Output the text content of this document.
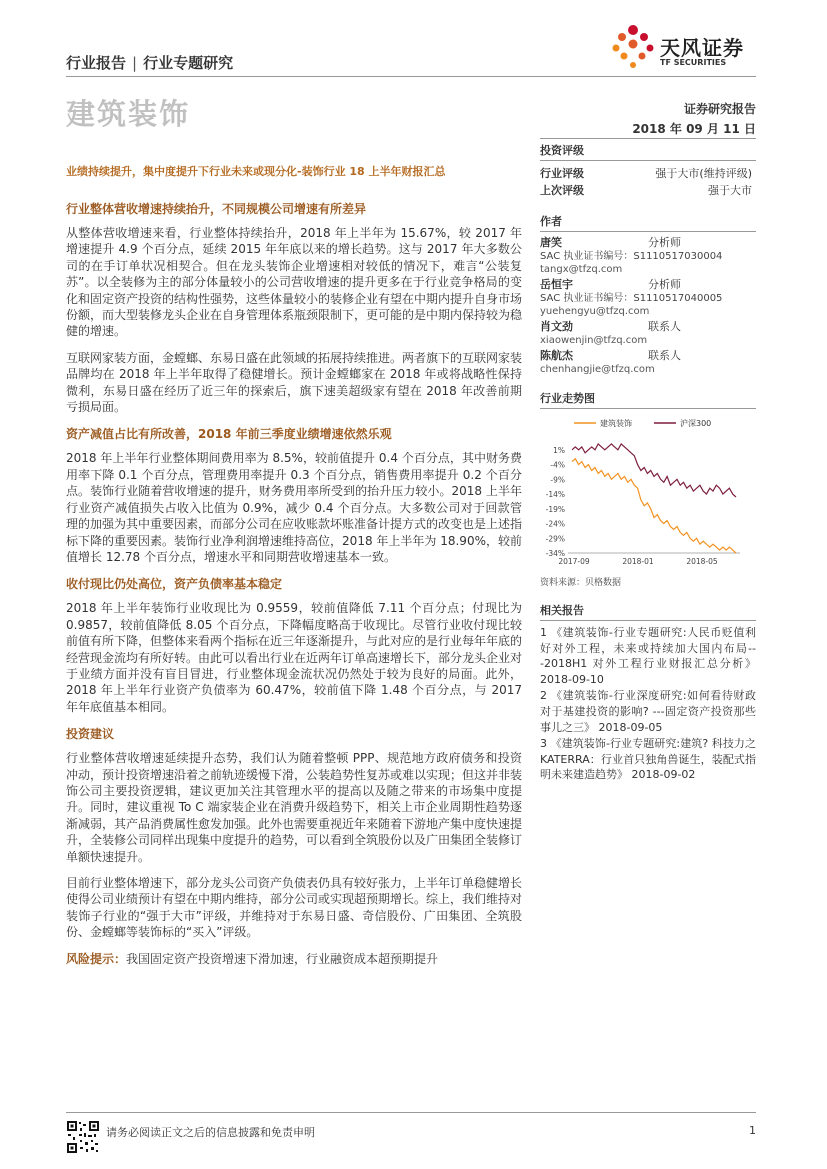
行业报告 | 行业专题研究
天风证券
TF SECURITIES
建筑装饰	证券研究报告
2018 年 09 月 11 日
业绩持续提升，集中度提升下行业未来或现分化-装饰行业 18 上半年财报汇总
行业整体营收增速持续抬升，不同规模公司增速有所差异

从整体营收增速来看，行业整体持续抬升，2018 年上半年为 15.67%，较 2017 年增速提升 4.9 个百分点，延续 2015 年年底以来的增长趋势。这与 2017 年大多数公司的在手订单状况相契合。但在龙头装饰企业增速相对较低的情况下，难言“公装复苏”。以全装修为主的部分体量较小的公司营收增速的提升更多在于行业竞争格局的变化和固定资产投资的结构性强势，这些体量较小的装修企业有望在中期内提升自身市场份额，而大型装修龙头企业在自身管理体系瓶颈限制下，更可能的是中期内保持较为稳健的增速。

互联网家装方面，金螳螂、东易日盛在此领域的拓展持续推进。两者旗下的互联网家装品牌均在 2018 年上半年取得了稳健增长。预计金螳螂家在 2018 年或将战略性保持微利，东易日盛在经历了近三年的探索后，旗下速美超级家有望在 2018 年改善前期亏损局面。

资产减值占比有所改善，2018 年前三季度业绩增速依然乐观

2018 年上半年行业整体期间费用率为 8.5%，较前值提升 0.4 个百分点，其中财务费用率下降 0.1 个百分点，管理费用率提升 0.3 个百分点，销售费用率提升 0.2 个百分点。装饰行业随着营收增速的提升，财务费用率所受到的抬升压力较小。2018 上半年行业资产减值损失占收入比值为 0.9%，减少 0.4 个百分点。大多数公司对于回款管理的加强为其中重要因素，而部分公司在应收账款坏账准备计提方式的改变也是上述指标下降的重要因素。装饰行业净利润增速维持高位，2018 年上半年为 18.90%，较前值增长 12.78 个百分点，增速水平和同期营收增速基本一致。

收付现比仍处高位，资产负债率基本稳定

2018 年上半年装饰行业收现比为 0.9559，较前值降低 7.11 个百分点；付现比为 0.9857，较前值降低 8.05 个百分点，下降幅度略高于收现比。尽管行业收付现比较前值有所下降，但整体来看两个指标在近三年逐渐提升，与此对应的是行业每年年底的经营现金流均有所好转。由此可以看出行业在近两年订单高速增长下，部分龙头企业对于业绩方面并没有盲目冒进，行业整体现金流状况仍然处于较为良好的局面。此外，2018 年上半年行业资产负债率为 60.47%，较前值下降 1.48 个百分点，与 2017 年年底值基本相同。

投资建议

行业整体营收增速延续提升态势，我们认为随着整顿 PPP、规范地方政府债务和投资冲动，预计投资增速沿着之前轨迹缓慢下滑，公装趋势性复苏或难以实现；但这并非装饰公司主要投资逻辑，建议更加关注其管理水平的提高以及随之带来的市场集中度提升。同时，建议重视 To C 端家装企业在消费升级趋势下，相关上市企业周期性趋势逐渐减弱，其产品消费属性愈发加强。此外也需要重视近年来随着下游地产集中度快速提升，全装修公司同样出现集中度提升的趋势，可以看到全筑股份以及广田集团全装修订单额快速提升。

目前行业整体增速下，部分龙头公司资产负债表仍具有较好张力，上半年订单稳健增长使得公司业绩预计有望在中期内维持，部分公司或实现超预期增长。综上，我们维持对装饰子行业的“强于大市”评级，并维持对于东易日盛、奇信股份、广田集团、全筑股份、金螳螂等装饰标的“买入”评级。

风险提示：我国固定资产投资增速下滑加速，行业融资成本超预期提升

投资评级
行业评级	强于大市(维持评级)
上次评级	强于大市
作者
唐笑	分析师
SAC 执业证书编号：S1110517030004
tangx@tfzq.com
岳恒宇	分析师
SAC 执业证书编号：S1110517040005
yuehengyu@tfzq.com
肖文劲	联系人
xiaowenjin@tfzq.com
陈航杰	联系人
chenhangjie@tfzq.com
行业走势图
建筑装饰	沪深300
1%
-4%
-9%
-14%
-19%
-24%
-29%
-34%
2017-09	2018-01	2018-05
资料来源：贝格数据
相关报告
1 《建筑装饰-行业专题研究:人民币贬值利好对外工程，未来或持续加大国内布局---2018H1 对外工程行业财报汇总分析》 2018-09-10
2 《建筑装饰-行业深度研究:如何看待财政对于基建投资的影响? ---固定资产投资那些事儿之三》 2018-09-05
3 《建筑装饰-行业专题研究:建筑? 科技力之 KATERRA：行业首只独角兽诞生，装配式指明未来建造趋势》 2018-09-02
请务必阅读正文之后的信息披露和免责申明	1
